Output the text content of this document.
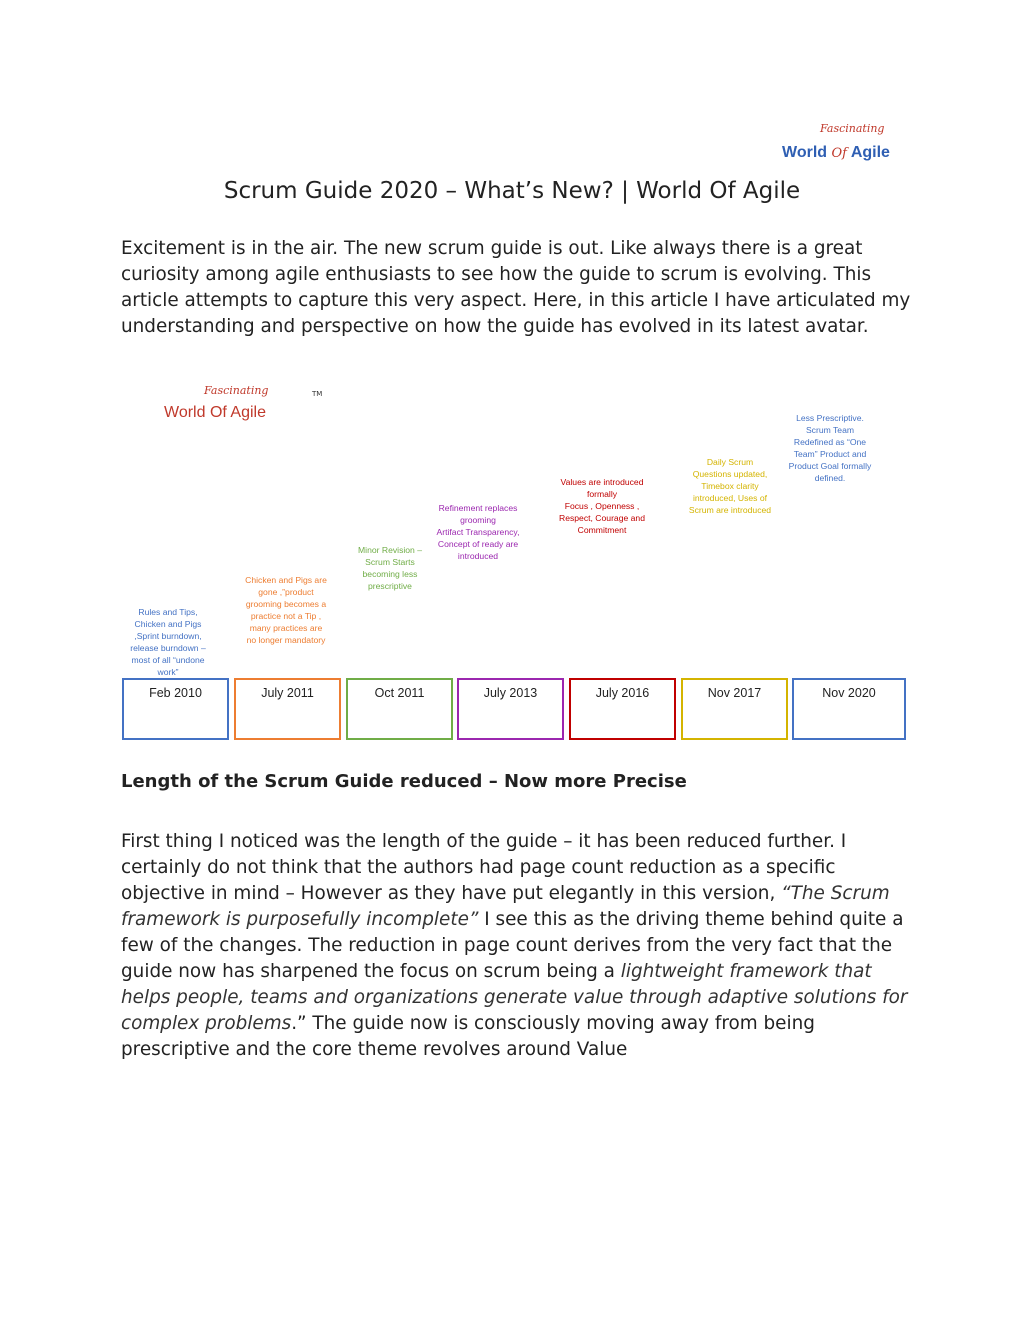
Fascinating
World Of Agile
Scrum Guide 2020 – What’s New? | World Of Agile

Excitement is in the air. The new scrum guide is out. Like always there is a great curiosity among agile enthusiasts to see how the guide to scrum is evolving. This article attempts to capture this very aspect. Here, in this article I have articulated my understanding and perspective on how the guide has evolved in its latest avatar.

Fascinating	TM
World Of Agile
Rules and Tips,
Chicken and Pigs
,Sprint burndown,
release burndown –
most of all “undone
work”
Feb 2010
Chicken and Pigs are
gone ,”product
grooming becomes a
practice not a Tip ,
many practices are
no longer mandatory
July 2011
Minor Revision –
Scrum Starts
becoming less
prescriptive
Oct 2011
Refinement replaces
grooming
Artifact Transparency,
Concept of ready are
introduced
July 2013
Values are introduced
formally
Focus , Openness ,
Respect, Courage and
Commitment
July 2016
Daily Scrum
Questions updated,
Timebox clarity
introduced, Uses of
Scrum are introduced
Nov 2017
Less Prescriptive.
Scrum Team
Redefined as “One
Team” Product and
Product Goal formally
defined.
Nov 2020
Length of the Scrum Guide reduced – Now more Precise

First thing I noticed was the length of the guide – it has been reduced further. I certainly do not think that the authors had page count reduction as a specific objective in mind – However as they have put elegantly in this version, “The Scrum framework is purposefully incomplete” I see this as the driving theme behind quite a few of the changes. The reduction in page count derives from the very fact that the guide now has sharpened the focus on scrum being a lightweight framework that helps people, teams and organizations generate value through adaptive solutions for complex problems.” The guide now is consciously moving away from being prescriptive and the core theme revolves around Value
